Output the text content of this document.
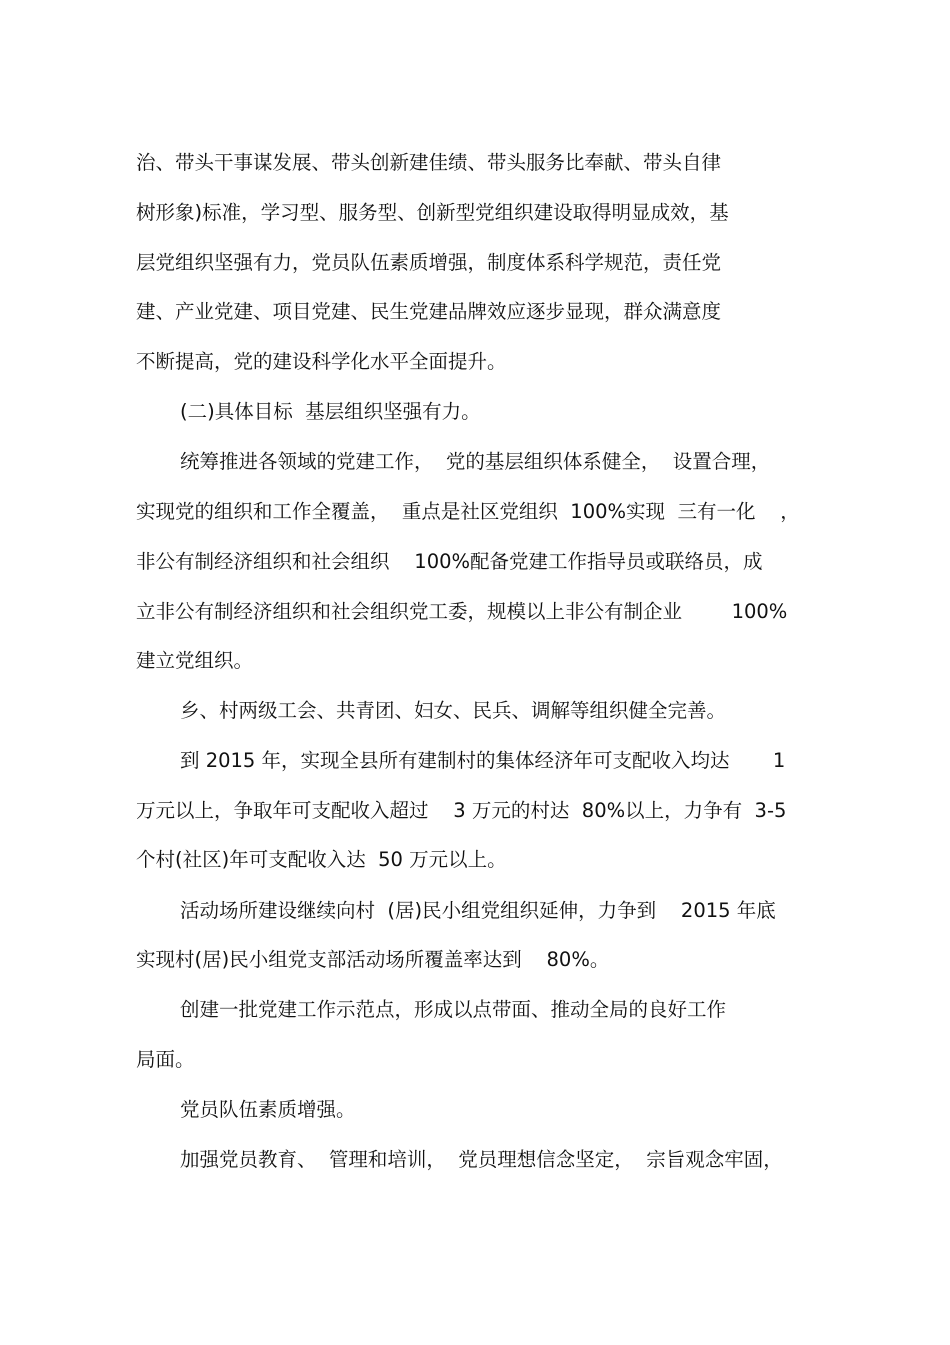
治、带头干事谋发展、带头创新建佳绩、带头服务比奉献、带头自律
树形象)标准，学习型、服务型、创新型党组织建设取得明显成效，基
层党组织坚强有力，党员队伍素质增强，制度体系科学规范，责任党
建、产业党建、项目党建、民生党建品牌效应逐步显现，群众满意度
不断提高，党的建设科学化水平全面提升。
(二)具体目标  基层组织坚强有力。
统筹推进各领域的党建工作，  党的基层组织体系健全，  设置合理，
实现党的组织和工作全覆盖，  重点是社区党组织  100%实现  三有一化    ，
非公有制经济组织和社会组织    100%配备党建工作指导员或联络员，成
立非公有制经济组织和社会组织党工委，规模以上非公有制企业        100%
建立党组织。
乡、村两级工会、共青团、妇女、民兵、调解等组织健全完善。
到 2015 年，实现全县所有建制村的集体经济年可支配收入均达       1
万元以上，争取年可支配收入超过    3 万元的村达  80%以上，力争有  3-5
个村(社区)年可支配收入达  50 万元以上。
活动场所建设继续向村  (居)民小组党组织延伸，力争到    2015 年底
实现村(居)民小组党支部活动场所覆盖率达到    80%。
创建一批党建工作示范点，形成以点带面、推动全局的良好工作
局面。
党员队伍素质增强。
加强党员教育、  管理和培训，  党员理想信念坚定，  宗旨观念牢固，
